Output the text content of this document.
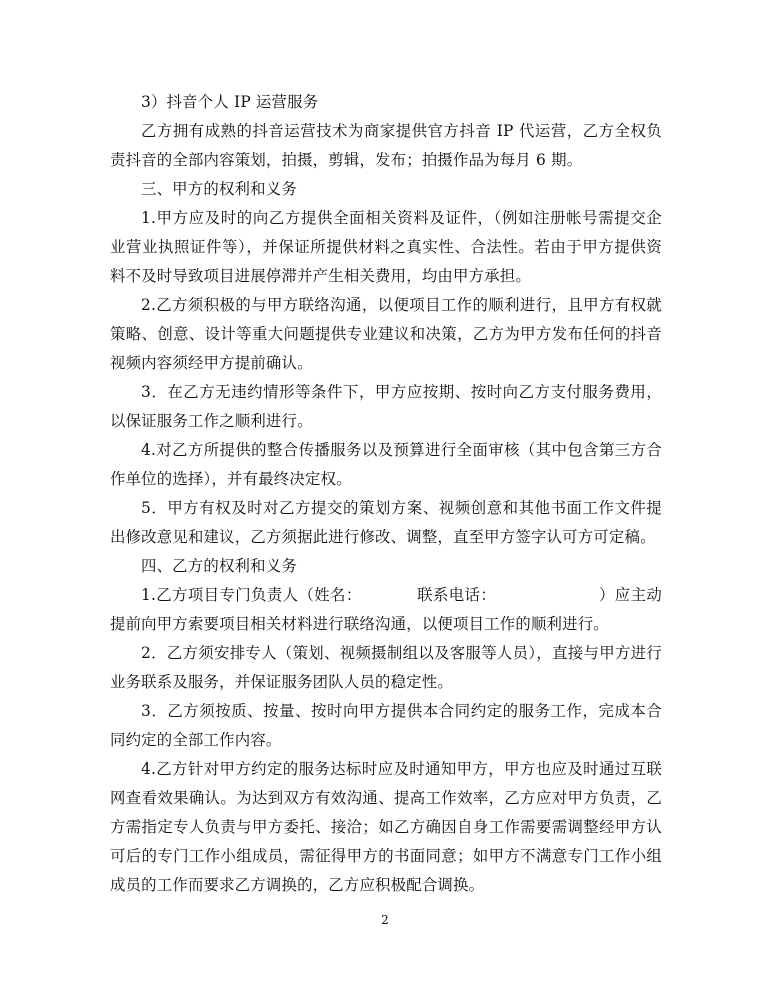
3）抖音个人 IP 运营服务

乙方拥有成熟的抖音运营技术为商家提供官方抖音 IP 代运营，乙方全权负责抖音的全部内容策划，拍摄，剪辑，发布；拍摄作品为每月 6 期。

三、甲方的权利和义务

1.甲方应及时的向乙方提供全面相关资料及证件，（例如注册帐号需提交企业营业执照证件等），并保证所提供材料之真实性、合法性。若由于甲方提供资料不及时导致项目进展停滞并产生相关费用，均由甲方承担。

2.乙方须积极的与甲方联络沟通，以便项目工作的顺利进行，且甲方有权就策略、创意、设计等重大问题提供专业建议和决策，乙方为甲方发布任何的抖音视频内容须经甲方提前确认。

3．在乙方无违约情形等条件下，甲方应按期、按时向乙方支付服务费用，以保证服务工作之顺利进行。

4.对乙方所提供的整合传播服务以及预算进行全面审核（其中包含第三方合作单位的选择），并有最终决定权。

5．甲方有权及时对乙方提交的策划方案、视频创意和其他书面工作文件提出修改意见和建议，乙方须据此进行修改、调整，直至甲方签字认可方可定稿。

四、乙方的权利和义务

1.乙方项目专门负责人（姓名：　　　　联系电话：　　　　　　　）应主动提前向甲方索要项目相关材料进行联络沟通，以便项目工作的顺利进行。

2．乙方须安排专人（策划、视频摄制组以及客服等人员），直接与甲方进行业务联系及服务，并保证服务团队人员的稳定性。

3．乙方须按质、按量、按时向甲方提供本合同约定的服务工作，完成本合同约定的全部工作内容。

4.乙方针对甲方约定的服务达标时应及时通知甲方，甲方也应及时通过互联网查看效果确认。为达到双方有效沟通、提高工作效率，乙方应对甲方负责，乙方需指定专人负责与甲方委托、接洽；如乙方确因自身工作需要需调整经甲方认可后的专门工作小组成员，需征得甲方的书面同意；如甲方不满意专门工作小组成员的工作而要求乙方调换的，乙方应积极配合调换。

2
